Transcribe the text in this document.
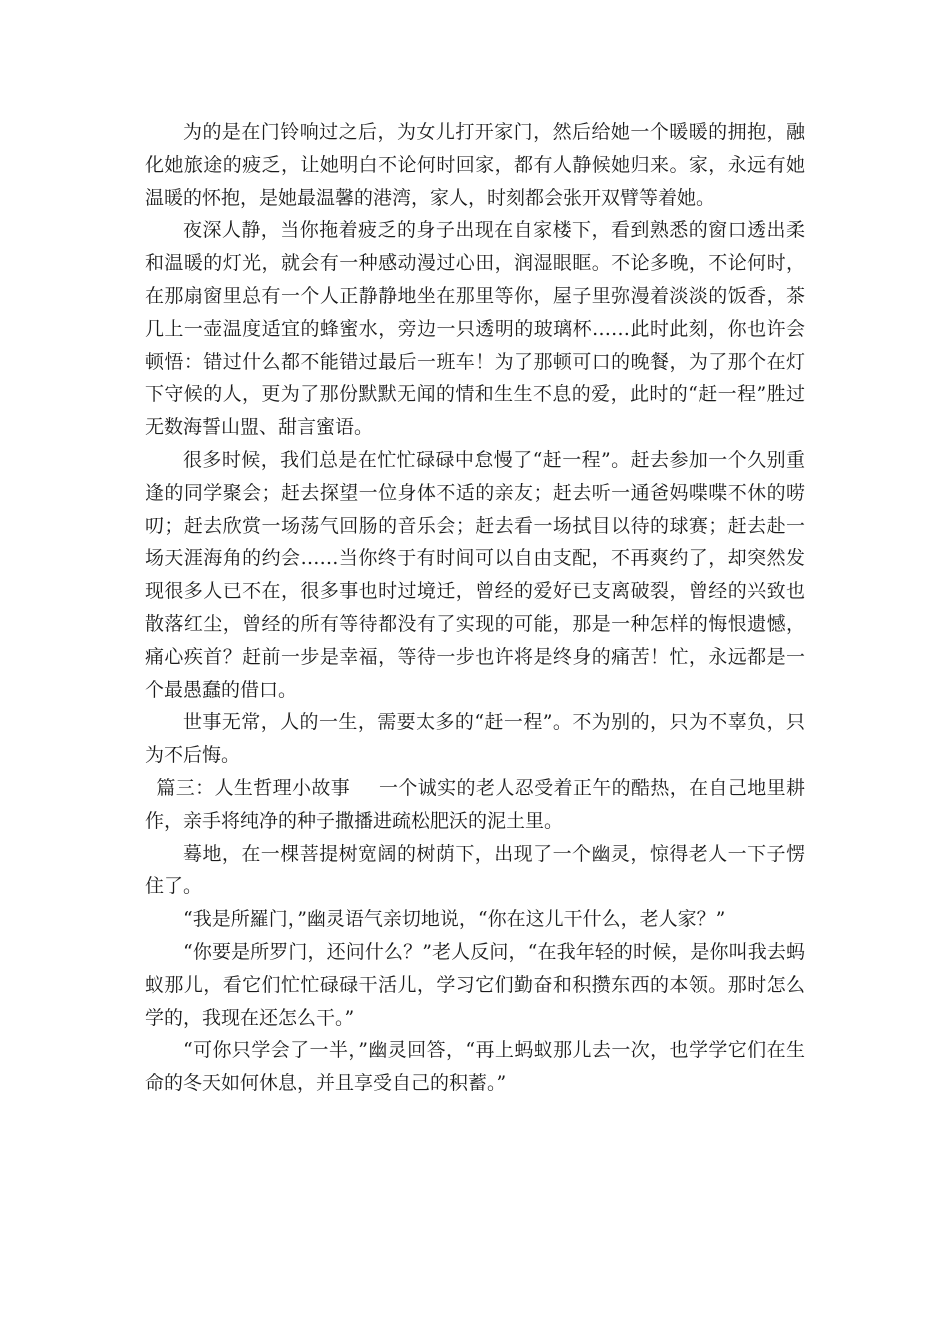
为的是在门铃响过之后，为女儿打开家门，然后给她一个暖暖的拥抱，融化她旅途的疲乏，让她明白不论何时回家，都有人静候她归来。家，永远有她温暖的怀抱，是她最温馨的港湾，家人，时刻都会张开双臂等着她。

夜深人静，当你拖着疲乏的身子出现在自家楼下，看到熟悉的窗口透出柔和温暖的灯光，就会有一种感动漫过心田，润湿眼眶。不论多晚，不论何时，在那扇窗里总有一个人正静静地坐在那里等你，屋子里弥漫着淡淡的饭香，茶几上一壶温度适宜的蜂蜜水，旁边一只透明的玻璃杯……此时此刻，你也许会顿悟：错过什么都不能错过最后一班车！为了那顿可口的晚餐，为了那个在灯下守候的人，更为了那份默默无闻的情和生生不息的爱，此时的“赶一程”胜过无数海誓山盟、甜言蜜语。

很多时候，我们总是在忙忙碌碌中怠慢了“赶一程”。赶去参加一个久别重逢的同学聚会；赶去探望一位身体不适的亲友；赶去听一通爸妈喋喋不休的唠叨；赶去欣赏一场荡气回肠的音乐会；赶去看一场拭目以待的球赛；赶去赴一场天涯海角的约会……当你终于有时间可以自由支配，不再爽约了，却突然发现很多人已不在，很多事也时过境迁，曾经的爱好已支离破裂，曾经的兴致也散落红尘，曾经的所有等待都没有了实现的可能，那是一种怎样的悔恨遗憾，痛心疾首？赶前一步是幸福，等待一步也许将是终身的痛苦！忙，永远都是一个最愚蠢的借口。

世事无常，人的一生，需要太多的“赶一程”。不为别的，只为不辜负，只为不后悔。

篇三：人生哲理小故事 一个诚实的老人忍受着正午的酷热，在自己地里耕作，亲手将纯净的种子撒播进疏松肥沃的泥土里。

蓦地，在一棵菩提树宽阔的树荫下，出现了一个幽灵，惊得老人一下子愣住了。

“我是所羅门，”幽灵语气亲切地说，“你在这儿干什么，老人家？”

“你要是所罗门，还问什么？”老人反问，“在我年轻的时候，是你叫我去蚂蚁那儿，看它们忙忙碌碌干活儿，学习它们勤奋和积攒东西的本领。那时怎么学的，我现在还怎么干。”

“可你只学会了一半，”幽灵回答，“再上蚂蚁那儿去一次，也学学它们在生命的冬天如何休息，并且享受自己的积蓄。”
